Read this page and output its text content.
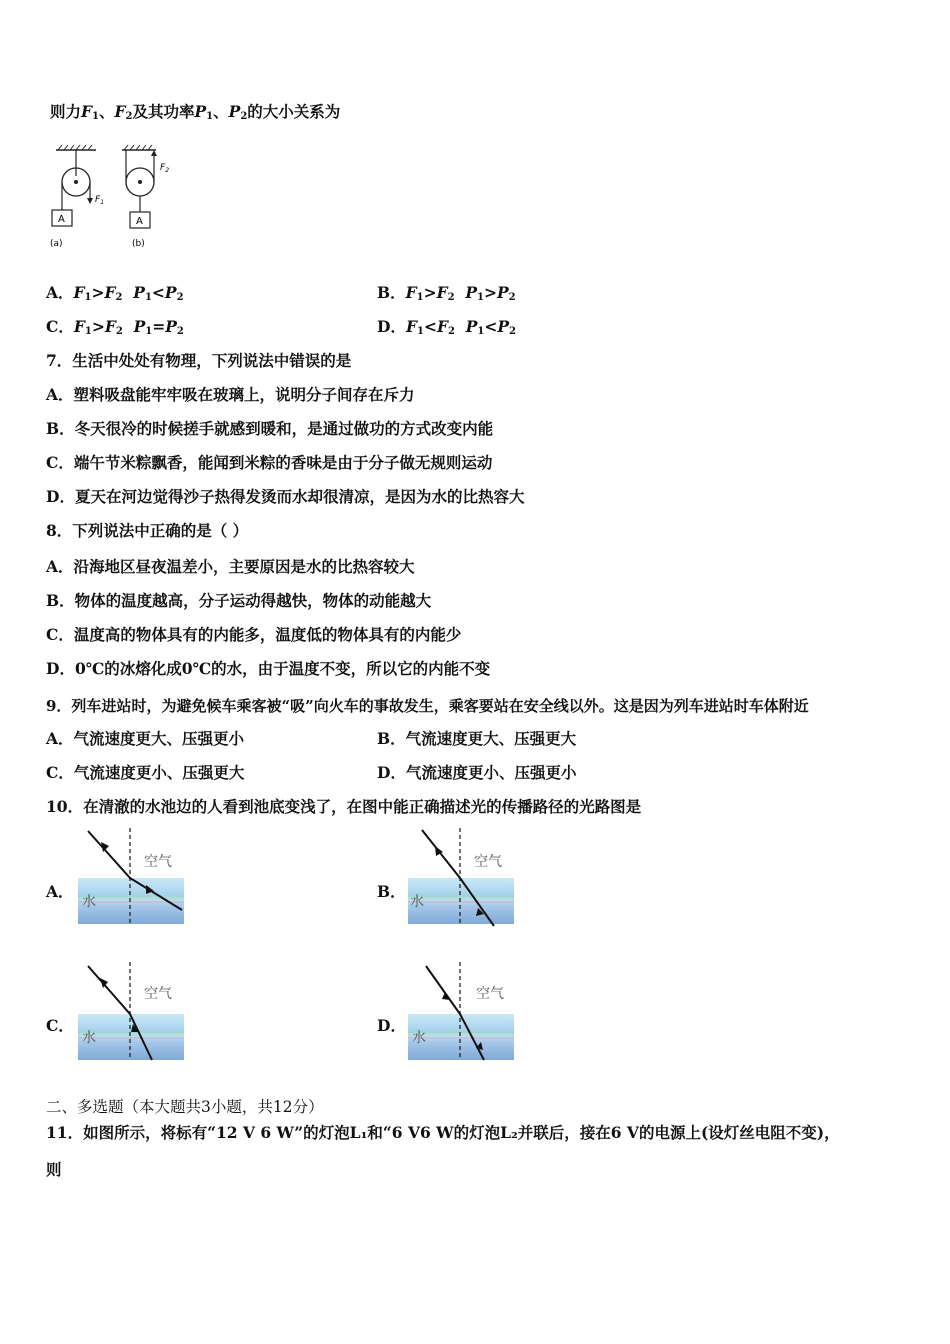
则力$F_1$、$F_2$及其功率$P_1$、$P_2$的大小关系为
$F_1$
A
(a)
$F_2$
A
(b)
A．$F_1>F_2$ $P_1<P_2$	B．$F_1>F_2$ $P_1>P_2$
C．$F_1>F_2$ $P_1=P_2$	D．$F_1<F_2$ $P_1<P_2$
7．生活中处处有物理，下列说法中错误的是
A．塑料吸盘能牢牢吸在玻璃上，说明分子间存在斥力
B．冬天很冷的时候搓手就感到暖和，是通过做功的方式改变内能
C．端午节米粽飘香，能闻到米粽的香味是由于分子做无规则运动
D．夏天在河边觉得沙子热得发烫而水却很清凉，是因为水的比热容大
8．下列说法中正确的是（ ）
A．沿海地区昼夜温差小，主要原因是水的比热容较大
B．物体的温度越高，分子运动得越快，物体的动能越大
C．温度高的物体具有的内能多，温度低的物体具有的内能少
D．0℃的冰熔化成0℃的水，由于温度不变，所以它的内能不变
9．列车进站时，为避免候车乘客被“吸”向火车的事故发生，乘客要站在安全线以外。这是因为列车进站时车体附近
A．气流速度更大、压强更小	B．气流速度更大、压强更大
C．气流速度更小、压强更大	D．气流速度更小、压强更小
10．在清澈的水池边的人看到池底变浅了，在图中能正确描述光的传播路径的光路图是
A．	B．
C．	D．
空气
水
空气
水
空气
水
空气
水
二、多选题（本大题共3小题，共12分）
11．如图所示，将标有“12 V 6 W”的灯泡L₁和“6 V6 W的灯泡L₂并联后，接在6 V的电源上(设灯丝电阻不变)，
则
